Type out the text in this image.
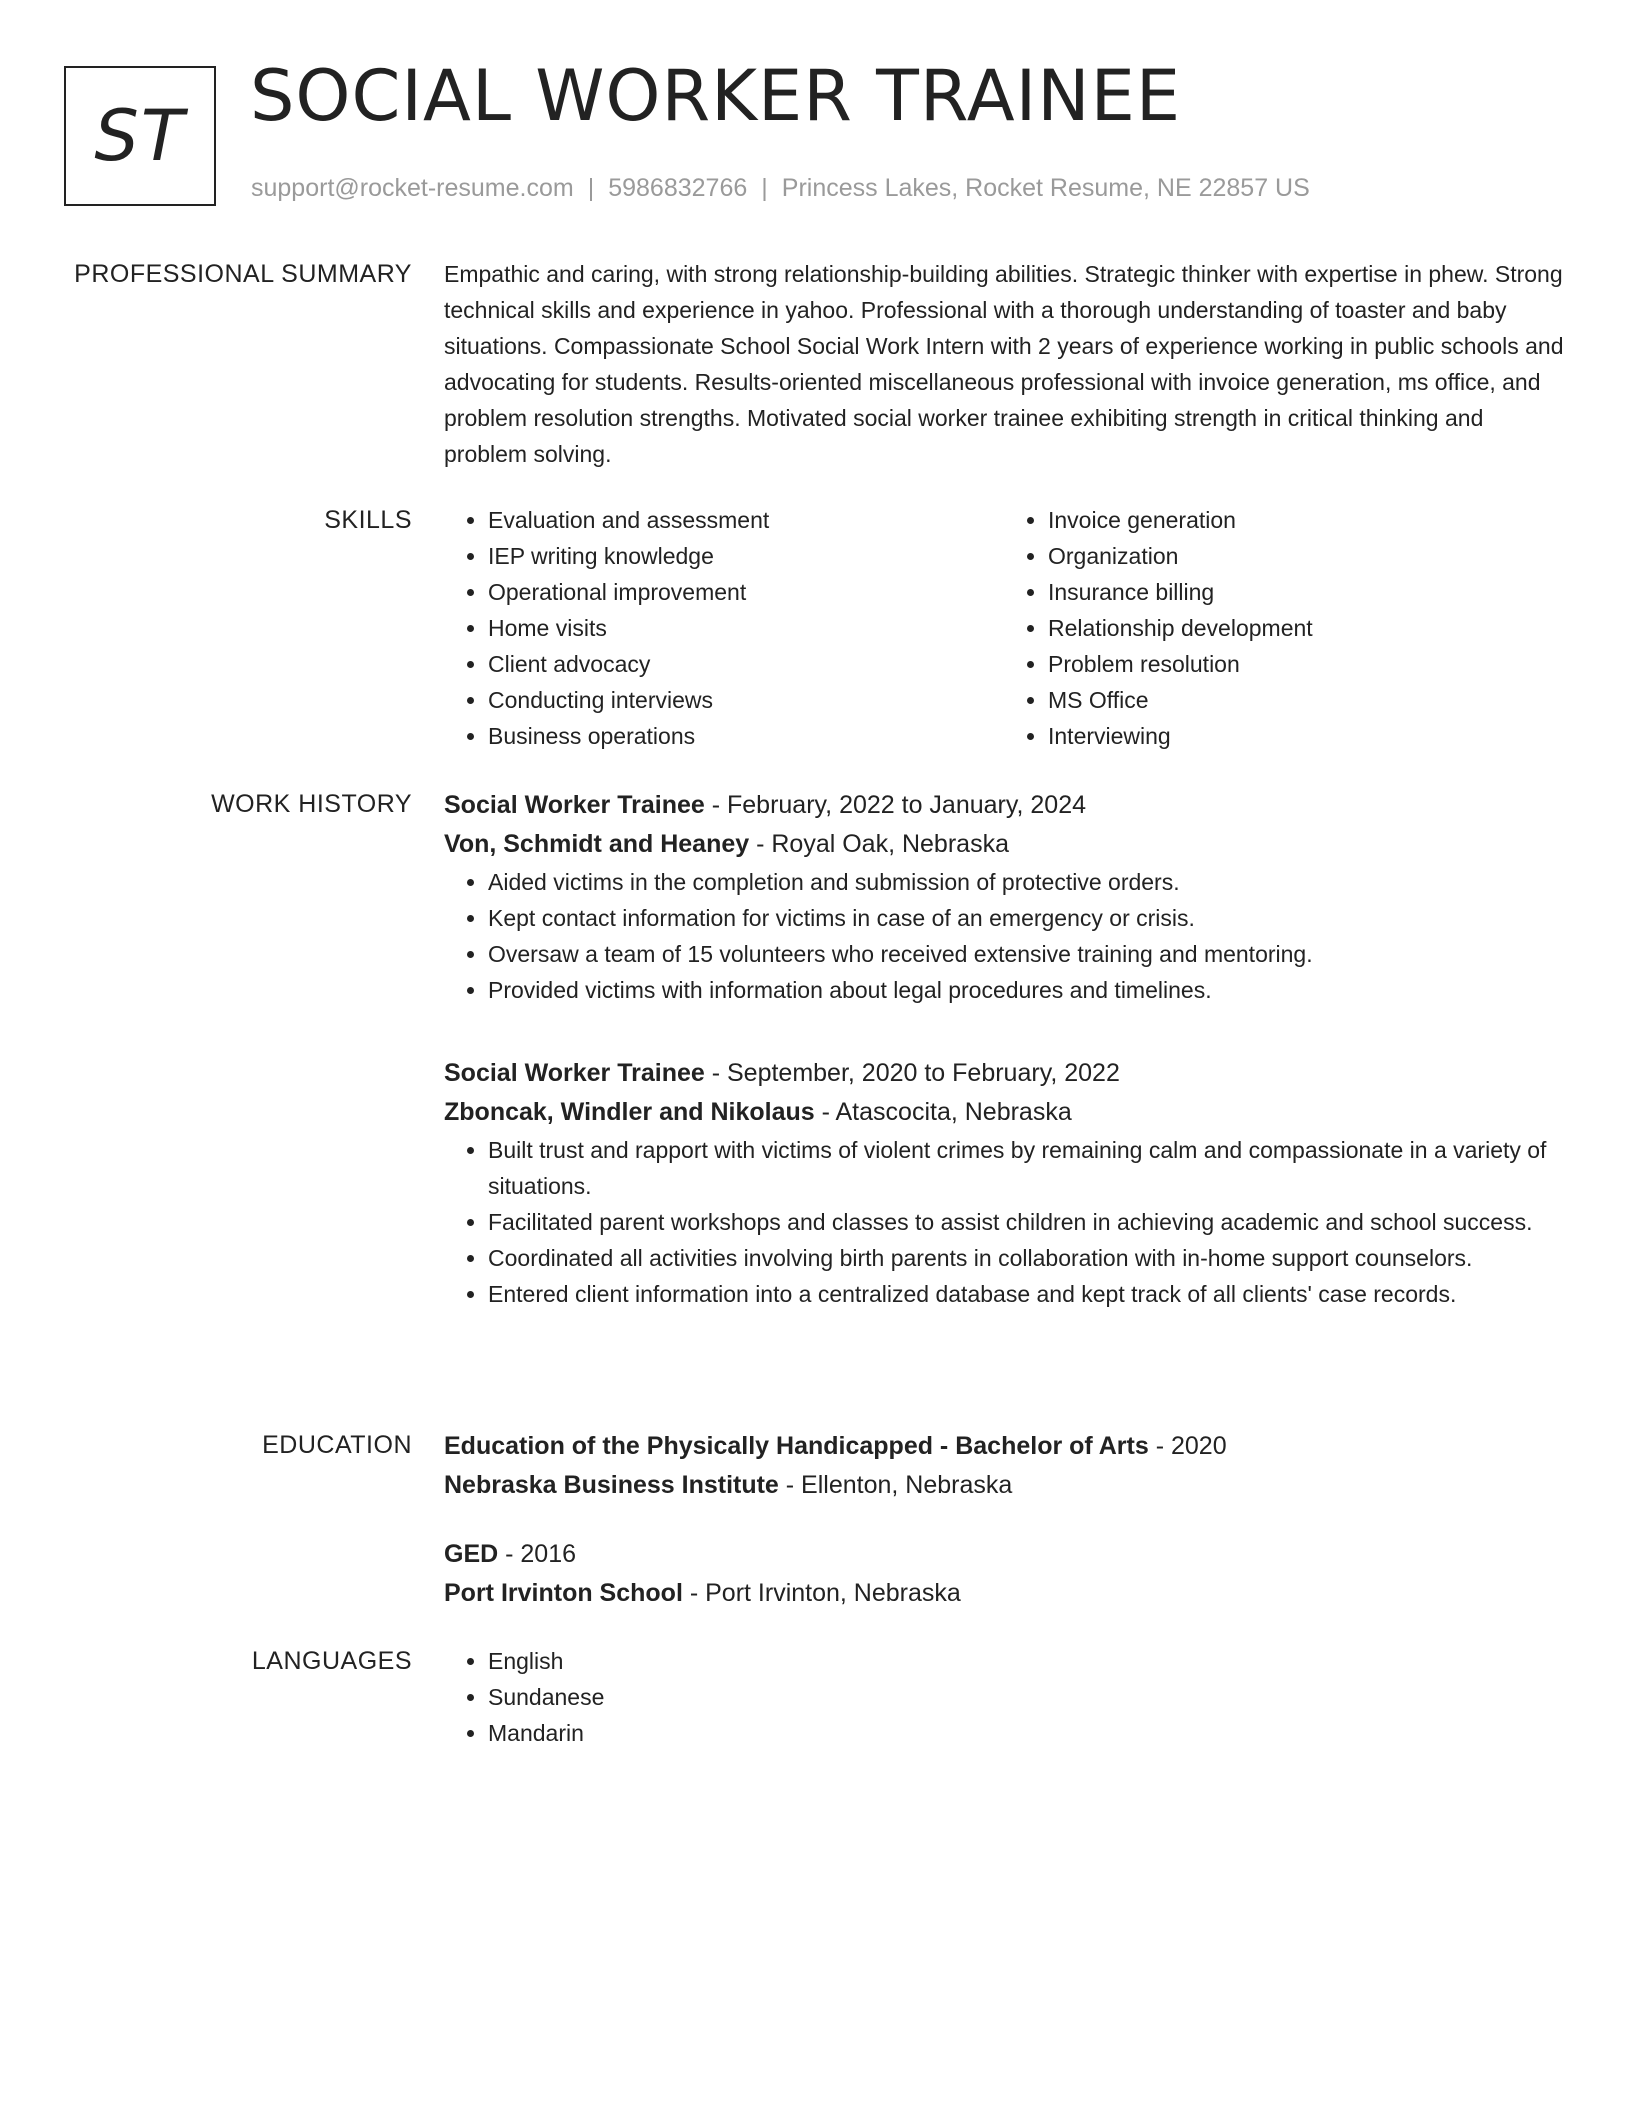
ST SOCIAL WORKER TRAINEE
support@rocket-resume.com | 5986832766 | Princess Lakes, Rocket Resume, NE 22857 US
PROFESSIONAL SUMMARY Empathic and caring, with strong relationship-building abilities. Strategic thinker with expertise in phew. Strong technical skills and experience in yahoo. Professional with a thorough understanding of toaster and baby situations. Compassionate School Social Work Intern with 2 years of experience working in public schools and advocating for students. Results-oriented miscellaneous professional with invoice generation, ms office, and problem resolution strengths. Motivated social worker trainee exhibiting strength in critical thinking and problem solving.

SKILLS	• Evaluation and assessment
• IEP writing knowledge
• Operational improvement
• Home visits
• Client advocacy
• Conducting interviews
• Business operations
• Invoice generation
• Organization
• Insurance billing
• Relationship development
• Problem resolution
• MS Office
• Interviewing
WORK HISTORY Social Worker Trainee - February, 2022 to January, 2024
Von, Schmidt and Heaney - Royal Oak, Nebraska
• Aided victims in the completion and submission of protective orders.
• Kept contact information for victims in case of an emergency or crisis.
• Oversaw a team of 15 volunteers who received extensive training and mentoring.
• Provided victims with information about legal procedures and timelines.
Social Worker Trainee - September, 2020 to February, 2022
Zboncak, Windler and Nikolaus - Atascocita, Nebraska
• Built trust and rapport with victims of violent crimes by remaining calm and compassionate in a variety of situations.
• Facilitated parent workshops and classes to assist children in achieving academic and school success.
• Coordinated all activities involving birth parents in collaboration with in-home support counselors.
• Entered client information into a centralized database and kept track of all clients' case records.
EDUCATION Education of the Physically Handicapped - Bachelor of Arts - 2020
Nebraska Business Institute - Ellenton, Nebraska
GED - 2016
Port Irvinton School - Port Irvinton, Nebraska
LANGUAGES	• English
• Sundanese
• Mandarin
